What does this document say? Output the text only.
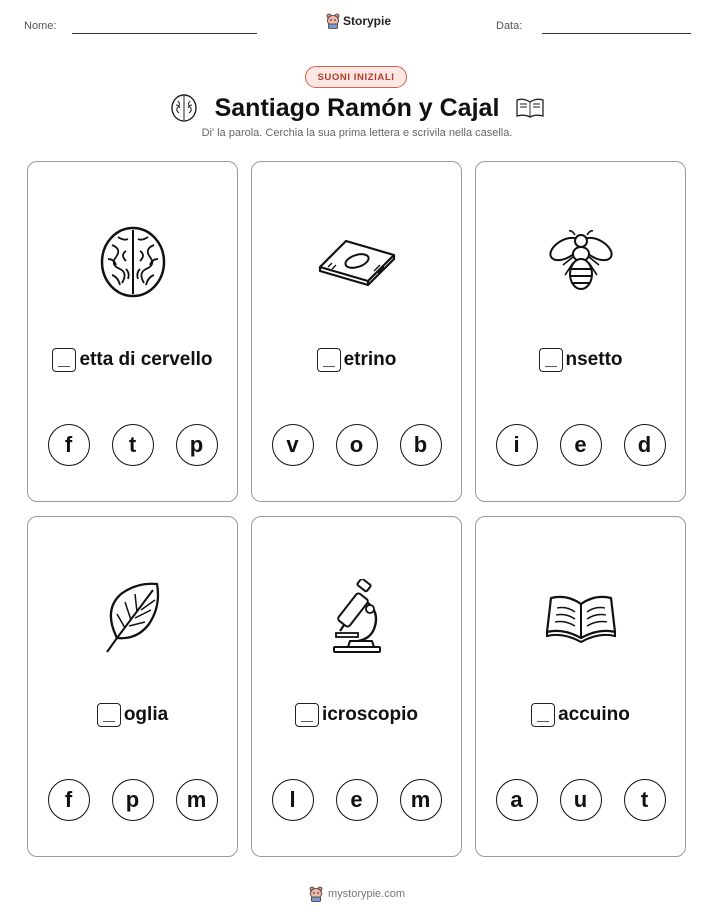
Nome:	Storypie	Data:
SUONI INIZIALI
Santiago Ramón y Cajal
Di' la parola. Cerchia la sua prima lettera e scrivila nella casella.
etta di cervello
f	t	p
etrino
v	o	b
nsetto
i	e	d
oglia
f	p	m
icroscopio
l	e	m
accuino
a	u	t
mystorypie.com
